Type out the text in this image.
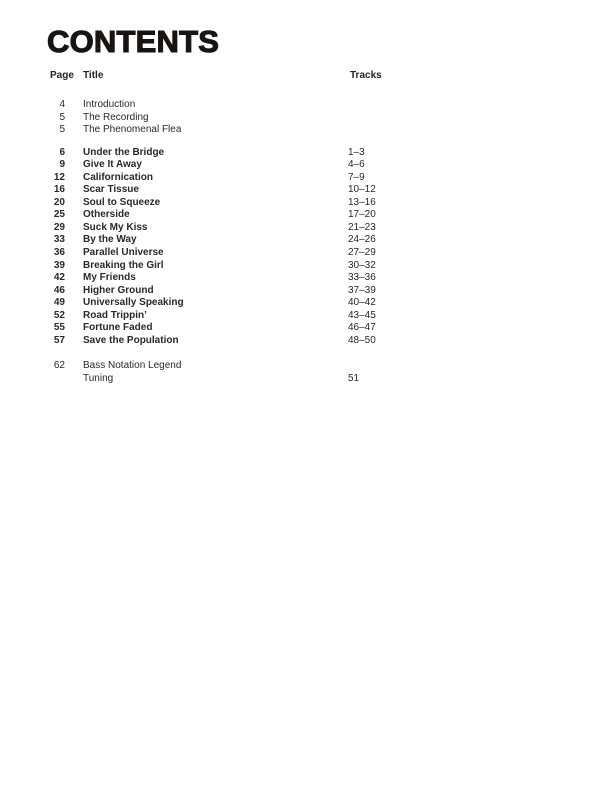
CONTENTS
Page Title	Tracks
4 Introduction
5 The Recording
5 The Phenomenal Flea
6 Under the Bridge	1–3
9 Give It Away	4–6
12 Californication	7–9
16 Scar Tissue	10–12
20 Soul to Squeeze	13–16
25 Otherside	17–20
29 Suck My Kiss	21–23
33 By the Way	24–26
36 Parallel Universe	27–29
39 Breaking the Girl	30–32
42 My Friends	33–36
46 Higher Ground	37–39
49 Universally Speaking	40–42
52 Road Trippin’	43–45
55 Fortune Faded	46–47
57 Save the Population	48–50
62 Bass Notation Legend
Tuning	51
